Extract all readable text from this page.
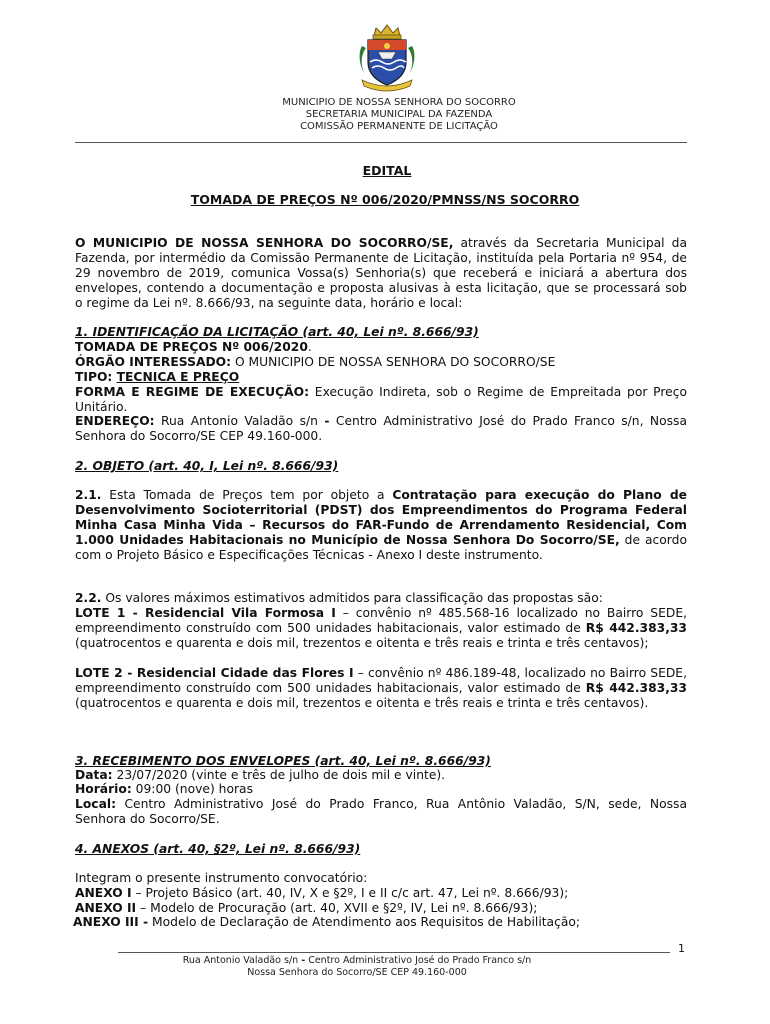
MUNICIPIO DE NOSSA SENHORA DO SOCORRO
SECRETARIA MUNICIPAL DA FAZENDA
COMISSÃO PERMANENTE DE LICITAÇÃO
EDITAL
TOMADA DE PREÇOS Nº 006/2020/PMNSS/NS SOCORRO
O MUNICIPIO DE NOSSA SENHORA DO SOCORRO/SE, através da Secretaria Municipal da Fazenda, por intermédio da Comissão Permanente de Licitação, instituída pela Portaria nº 954, de 29 novembro de 2019, comunica Vossa(s) Senhoria(s) que receberá e iniciará a abertura dos envelopes, contendo a documentação e proposta alusivas à esta licitação, que se processará sob o regime da Lei nº. 8.666/93, na seguinte data, horário e local:
1. IDENTIFICAÇÃO DA LICITAÇÃO (art. 40, Lei nº. 8.666/93)
TOMADA DE PREÇOS Nº 006/2020.
ÓRGÃO INTERESSADO: O MUNICIPIO DE NOSSA SENHORA DO SOCORRO/SE
TIPO: TECNICA E PREÇO
FORMA E REGIME DE EXECUÇÃO: Execução Indireta, sob o Regime de Empreitada por Preço Unitário.
ENDEREÇO: Rua Antonio Valadão s/n - Centro Administrativo José do Prado Franco s/n, Nossa Senhora do Socorro/SE CEP 49.160-000.
2. OBJETO (art. 40, I, Lei nº. 8.666/93)
2.1. Esta Tomada de Preços tem por objeto a Contratação para execução do Plano de Desenvolvimento Socioterritorial (PDST) dos Empreendimentos do Programa Federal Minha Casa Minha Vida – Recursos do FAR-Fundo de Arrendamento Residencial, Com 1.000 Unidades Habitacionais no Município de Nossa Senhora Do Socorro/SE, de acordo com o Projeto Básico e Especificações Técnicas - Anexo I deste instrumento.
2.2. Os valores máximos estimativos admitidos para classificação das propostas são:
LOTE 1 - Residencial Vila Formosa I – convênio nº 485.568-16 localizado no Bairro SEDE, empreendimento construído com 500 unidades habitacionais, valor estimado de R$ 442.383,33 (quatrocentos e quarenta e dois mil, trezentos e oitenta e três reais e trinta e três centavos);
LOTE 2 - Residencial Cidade das Flores I – convênio nº 486.189-48, localizado no Bairro SEDE, empreendimento construído com 500 unidades habitacionais, valor estimado de R$ 442.383,33 (quatrocentos e quarenta e dois mil, trezentos e oitenta e três reais e trinta e três centavos).
3. RECEBIMENTO DOS ENVELOPES (art. 40, Lei nº. 8.666/93)
Data: 23/07/2020 (vinte e três de julho de dois mil e vinte).
Horário: 09:00 (nove) horas
Local: Centro Administrativo José do Prado Franco, Rua Antônio Valadão, S/N, sede, Nossa Senhora do Socorro/SE.
4. ANEXOS (art. 40, §2º, Lei nº. 8.666/93)
Integram o presente instrumento convocatório:
ANEXO I – Projeto Básico (art. 40, IV, X e §2º, I e II c/c art. 47, Lei nº. 8.666/93);
ANEXO II – Modelo de Procuração (art. 40, XVII e §2º, IV, Lei nº. 8.666/93);
ANEXO III - Modelo de Declaração de Atendimento aos Requisitos de Habilitação;
1
Rua Antonio Valadão s/n - Centro Administrativo José do Prado Franco s/n
Nossa Senhora do Socorro/SE CEP 49.160-000
